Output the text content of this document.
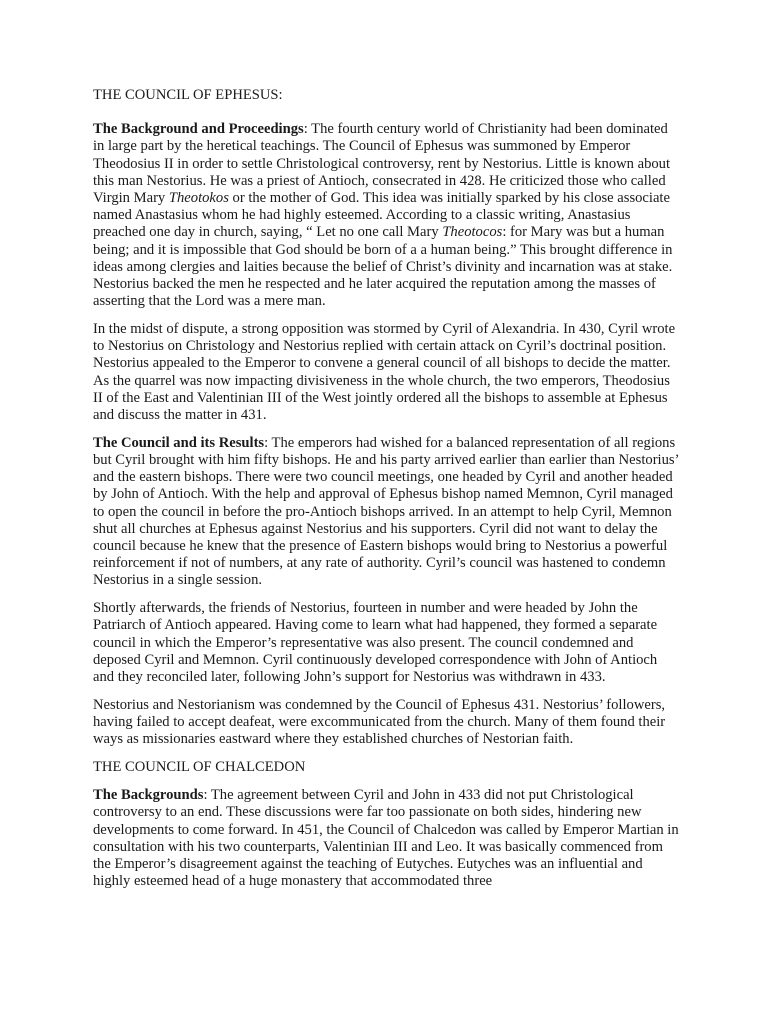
THE COUNCIL OF EPHESUS:

The Background and Proceedings: The fourth century world of Christianity had been dominated in large part by the heretical teachings. The Council of Ephesus was summoned by Emperor Theodosius II in order to settle Christological controversy, rent by Nestorius. Little is known about this man Nestorius. He was a priest of Antioch, consecrated in 428. He criticized those who called Virgin Mary Theotokos or the mother of God. This idea was initially sparked by his close associate named Anastasius whom he had highly esteemed. According to a classic writing, Anastasius preached one day in church, saying, “ Let no one call Mary Theotocos: for Mary was but a human being; and it is impossible that God should be born of a a human being.” This brought difference in ideas among clergies and laities because the belief of Christ’s divinity and incarnation was at stake. Nestorius backed the men he respected and he later acquired the reputation among the masses of asserting that the Lord was a mere man.

In the midst of dispute, a strong opposition was stormed by Cyril of Alexandria. In 430, Cyril wrote to Nestorius on Christology and Nestorius replied with certain attack on Cyril’s doctrinal position. Nestorius appealed to the Emperor to convene a general council of all bishops to decide the matter. As the quarrel was now impacting divisiveness in the whole church, the two emperors, Theodosius II of the East and Valentinian III of the West jointly ordered all the bishops to assemble at Ephesus and discuss the matter in 431.

The Council and its Results: The emperors had wished for a balanced representation of all regions but Cyril brought with him fifty bishops. He and his party arrived earlier than earlier than Nestorius’ and the eastern bishops. There were two council meetings, one headed by Cyril and another headed by John of Antioch. With the help and approval of Ephesus bishop named Memnon, Cyril managed to open the council in before the pro-Antioch bishops arrived. In an attempt to help Cyril, Memnon shut all churches at Ephesus against Nestorius and his supporters. Cyril did not want to delay the council because he knew that the presence of Eastern bishops would bring to Nestorius a powerful reinforcement if not of numbers, at any rate of authority. Cyril’s council was hastened to condemn Nestorius in a single session.

Shortly afterwards, the friends of Nestorius, fourteen in number and were headed by John the Patriarch of Antioch appeared. Having come to learn what had happened, they formed a separate council in which the Emperor’s representative was also present. The council condemned and deposed Cyril and Memnon. Cyril continuously developed correspondence with John of Antioch and they reconciled later, following John’s support for Nestorius was withdrawn in 433.

Nestorius and Nestorianism was condemned by the Council of Ephesus 431. Nestorius’ followers, having failed to accept deafeat, were excommunicated from the church. Many of them found their ways as missionaries eastward where they established churches of Nestorian faith.

THE COUNCIL OF CHALCEDON

The Backgrounds: The agreement between Cyril and John in 433 did not put Christological controversy to an end. These discussions were far too passionate on both sides, hindering new developments to come forward. In 451, the Council of Chalcedon was called by Emperor Martian in consultation with his two counterparts, Valentinian III and Leo. It was basically commenced from the Emperor’s disagreement against the teaching of Eutyches. Eutyches was an influential and highly esteemed head of a huge monastery that accommodated three
